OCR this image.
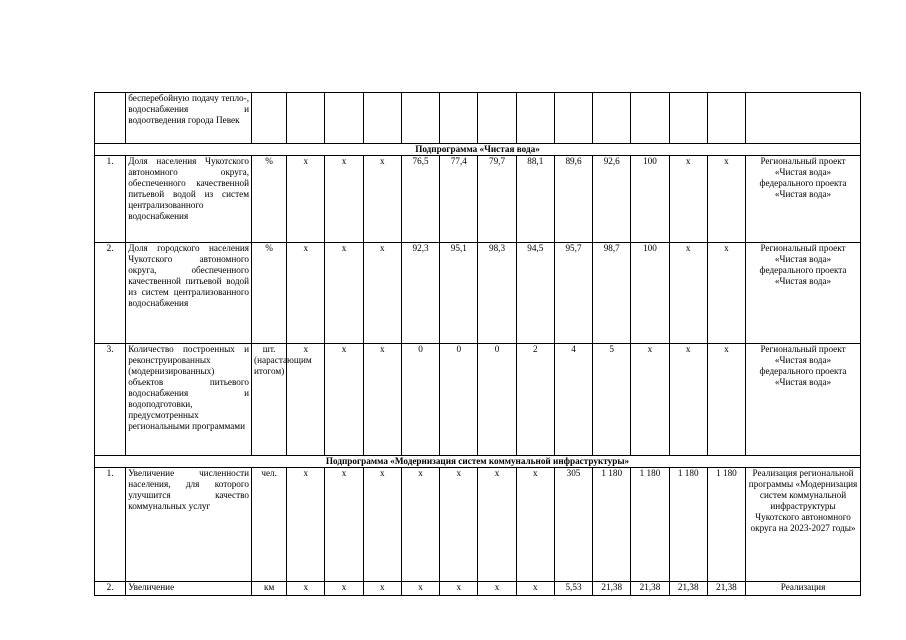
	бесперебойную подачу тепло-, водоснабжения и водоотведения города Певек														
Подпрограмма «Чистая вода»															
1.	Доля населения Чукотского автономного округа, обеспеченного качественной питьевой водой из систем централизованного водоснабжения	%	х	х	х	76,5	77,4	79,7	88,1	89,6	92,6	100	х	х	Региональный проект «Чистая вода» федерального проекта «Чистая вода»
2.	Доля городского населения Чукотского автономного округа, обеспеченного качественной питьевой водой из систем централизованного водоснабжения	%	х	х	х	92,3	95,1	98,3	94,5	95,7	98,7	100	х	х	Региональный проект «Чистая вода» федерального проекта «Чистая вода»
3.	Количество построенных и реконструированных (модернизированных) объектов питьевого водоснабжения и водоподготовки, предусмотренных региональными программами	шт. (нарастающим итогом)	х	х	х	0	0	0	2	4	5	х	х	х	Региональный проект «Чистая вода» федерального проекта «Чистая вода»
Подпрограмма «Модернизация систем коммунальной инфраструктуры»															
1.	Увеличение численности населения, для которого улучшится качество коммунальных услуг	чел.	х	х	х	х	х	х	х	305	1 180	1 180	1 180	1 180	Реализация региональной программы «Модернизация систем коммунальной инфраструктуры Чукотского автономного округа на 2023-2027 годы»
2.	Увеличение	км	х	х	х	х	х	х	х	5,53	21,38	21,38	21,38	21,38	Реализация
